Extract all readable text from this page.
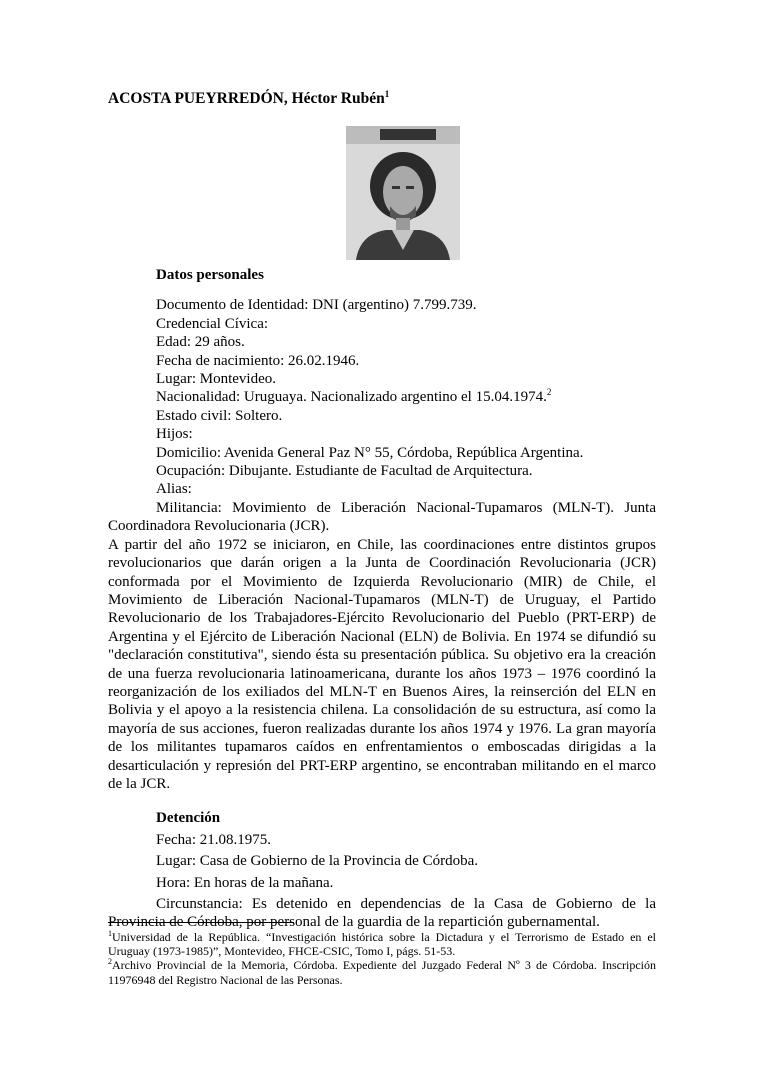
ACOSTA PUEYRREDÓN, Héctor Rubén$^1$
Datos personales
Documento de Identidad: DNI (argentino) 7.799.739.
Credencial Cívica:
Edad: 29 años.
Fecha de nacimiento: 26.02.1946.
Lugar: Montevideo.
Nacionalidad: Uruguaya. Nacionalizado argentino el 15.04.1974.$^2$
Estado civil: Soltero.
Hijos:
Domicilio: Avenida General Paz N° 55, Córdoba, República Argentina.
Ocupación: Dibujante. Estudiante de Facultad de Arquitectura.
Alias:
Militancia: Movimiento de Liberación Nacional-Tupamaros (MLN-T). Junta Coordinadora Revolucionaria (JCR).
A partir del año 1972 se iniciaron, en Chile, las coordinaciones entre distintos grupos revolucionarios que darán origen a la Junta de Coordinación Revolucionaria (JCR) conformada por el Movimiento de Izquierda Revolucionario (MIR) de Chile, el Movimiento de Liberación Nacional-Tupamaros (MLN-T) de Uruguay, el Partido Revolucionario de los Trabajadores-Ejército Revolucionario del Pueblo (PRT-ERP) de Argentina y el Ejército de Liberación Nacional (ELN) de Bolivia. En 1974 se difundió su "declaración constitutiva", siendo ésta su presentación pública. Su objetivo era la creación de una fuerza revolucionaria latinoamericana, durante los años 1973 – 1976 coordinó la reorganización de los exiliados del MLN-T en Buenos Aires, la reinserción del ELN en Bolivia y el apoyo a la resistencia chilena. La consolidación de su estructura, así como la mayoría de sus acciones, fueron realizadas durante los años 1974 y 1976. La gran mayoría de los militantes tupamaros caídos en enfrentamientos o emboscadas dirigidas a la desarticulación y represión del PRT-ERP argentino, se encontraban militando en el marco de la JCR.
Detención
Fecha: 21.08.1975.
Lugar: Casa de Gobierno de la Provincia de Córdoba.
Hora: En horas de la mañana.
Circunstancia: Es detenido en dependencias de la Casa de Gobierno de la Provincia de Córdoba, por personal de la guardia de la repartición gubernamental.
$^1$Universidad de la República. “Investigación histórica sobre la Dictadura y el Terrorismo de Estado en el Uruguay (1973-1985)”, Montevideo, FHCE-CSIC, Tomo I, págs. 51-53.
$^2$Archivo Provincial de la Memoria, Córdoba. Expediente del Juzgado Federal Nº 3 de Córdoba. Inscripción 11976948 del Registro Nacional de las Personas.
